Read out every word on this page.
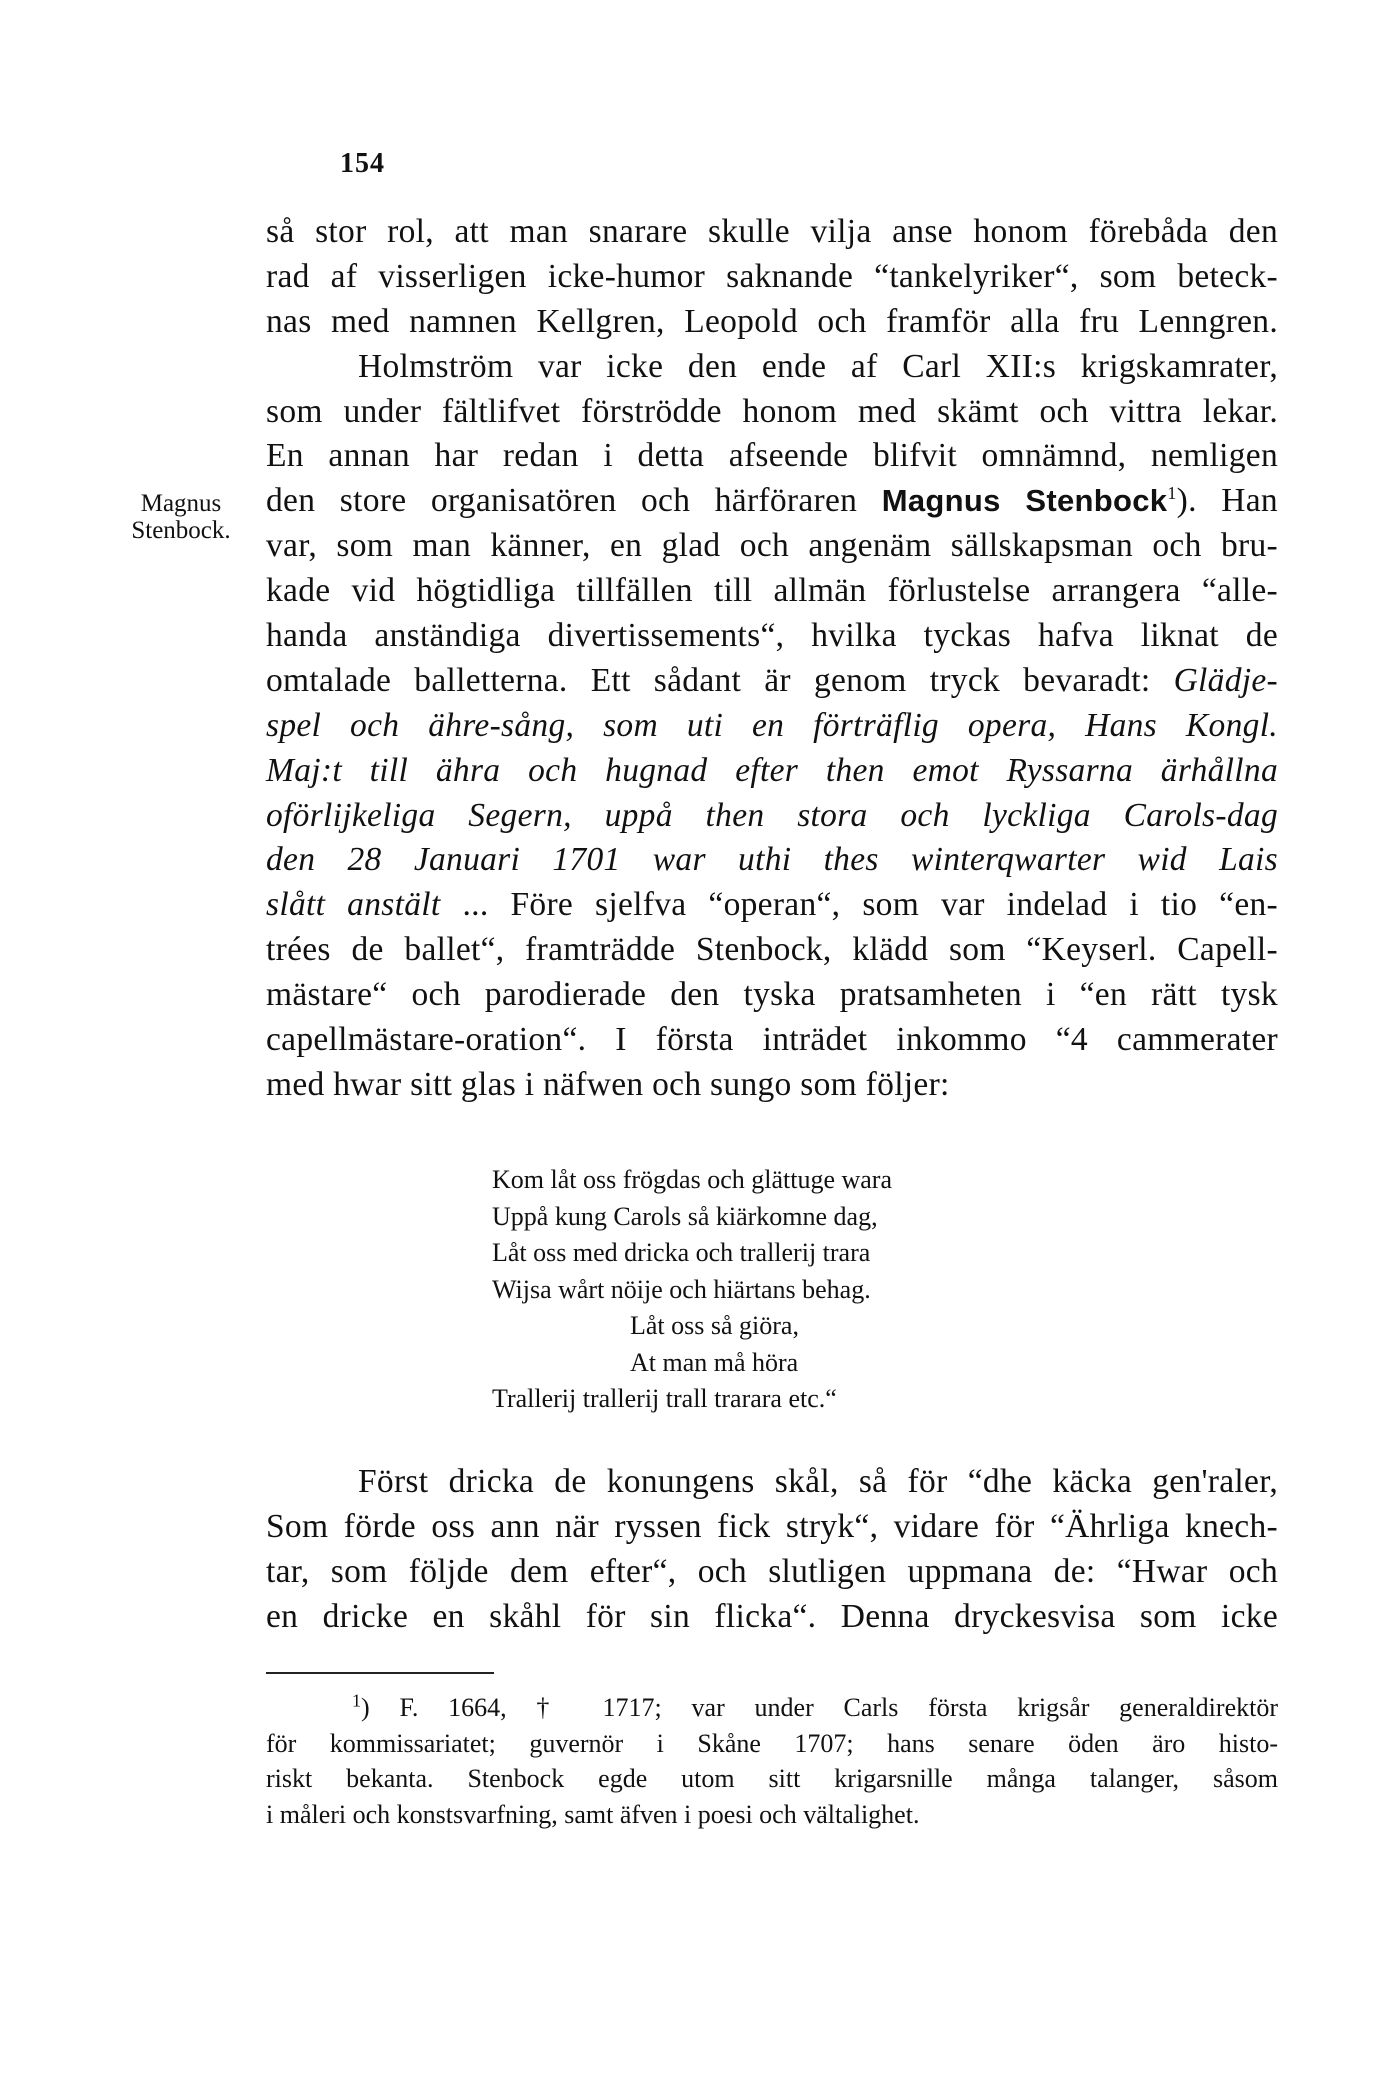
154
Magnus
Stenbock.
så stor rol, att man snarare skulle vilja anse honom förebåda den
rad af visserligen icke-humor saknande “tankelyriker“, som beteck-
nas med namnen Kellgren, Leopold och framför alla fru Lenngren.
Holmström var icke den ende af Carl XII:s krigskamrater,
som under fältlifvet förströdde honom med skämt och vittra lekar.
En annan har redan i detta afseende blifvit omnämnd, nemligen
den store organisatören och härföraren Magnus Stenbock$^1$). Han
var, som man känner, en glad och angenäm sällskapsman och bru-
kade vid högtidliga tillfällen till allmän förlustelse arrangera “alle-
handa anständiga divertissements“, hvilka tyckas hafva liknat de
omtalade balletterna. Ett sådant är genom tryck bevaradt: Glädje-
spel och ähre-sång, som uti en förträflig opera, Hans Kongl.
Maj:t till ähra och hugnad efter then emot Ryssarna ärhållna
oförlijkeliga Segern, uppå then stora och lyckliga Carols-dag
den 28 Januari 1701 war uthi thes winterqwarter wid Lais
slått anstält ... Före sjelfva “operan“, som var indelad i tio “en-
trées de ballet“, framträdde Stenbock, klädd som “Keyserl. Capell-
mästare“ och parodierade den tyska pratsamheten i “en rätt tysk
capellmästare-oration“. I första inträdet inkommo “4 cammerater
med hwar sitt glas i näfwen och sungo som följer:
Kom låt oss frögdas och glättuge wara
Uppå kung Carols så kiärkomne dag,
Låt oss med dricka och trallerij trara
Wijsa wårt nöije och hiärtans behag.
Låt oss så giöra,
At man må höra
Trallerij trallerij trall trarara etc.“
Först dricka de konungens skål, så för “dhe käcka gen'raler,
Som förde oss ann när ryssen fick stryk“, vidare för “Ährliga knech-
tar, som följde dem efter“, och slutligen uppmana de: “Hwar och
en dricke en skåhl för sin flicka“. Denna dryckesvisa som icke
$^1$) F. 1664, † 1717; var under Carls första krigsår generaldirektör
för kommissariatet; guvernör i Skåne 1707; hans senare öden äro histo-
riskt bekanta. Stenbock egde utom sitt krigarsnille många talanger, såsom
i måleri och konstsvarfning, samt äfven i poesi och vältalighet.
